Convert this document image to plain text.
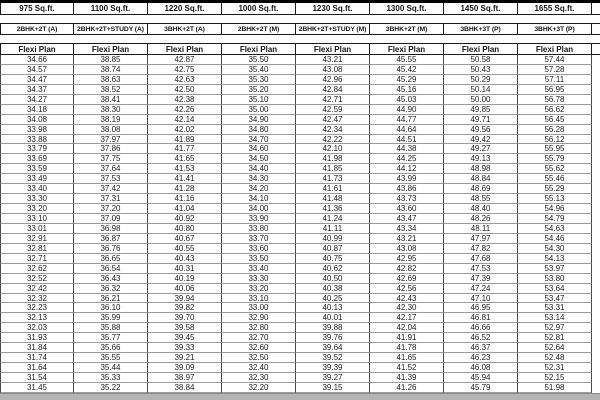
975 Sq.ft.	1100 Sq.ft.	1220 Sq.ft.	1000 Sq.ft.	1230 Sq.ft.	1300 Sq.ft.	1450 Sq.ft.	1655 Sq.ft.
2BHK+2T (A)	2BHK+2T+STUDY (A)	3BHK+2T (A)	2BHK+2T (M)	2BHK+2T+STUDY (M)	3BHK+2T (M)	3BHK+3T (P)	3BHK+3T (P)
Flexi Plan	Flexi Plan	Flexi Plan	Flexi Plan	Flexi Plan	Flexi Plan	Flexi Plan	Flexi Plan
34.66	38.85	42.87	35.50	43.21	45.55	50.58	57.44
34.57	38.74	42.75	35.40	43.08	45.42	50.43	57.28
34.47	38.63	42.63	35.30	42.96	45.29	50.29	57.11
34.37	38.52	42.50	35.20	42.84	45.16	50.14	56.95
34.27	38.41	42.38	35.10	42.71	45.03	50.00	56.78
34.18	38.30	42.26	35.00	42.59	44.90	49.85	56.62
34.08	38.19	42.14	34.90	42.47	44.77	49.71	56.45
33.98	38.08	42.02	34.80	42.34	44.64	49.56	56.28
33.88	37.97	41.89	34.70	42.22	44.51	49.42	56.12
33.79	37.86	41.77	34.60	42.10	44.38	49.27	55.95
33.69	37.75	41.65	34.50	41.98	44.25	49.13	55.79
33.59	37.64	41.53	34.40	41.85	44.12	48.98	55.62
33.49	37.53	41.41	34.30	41.73	43.99	48.84	55.46
33.40	37.42	41.28	34.20	41.61	43.86	48.69	55.29
33.30	37.31	41.16	34.10	41.48	43.73	48.55	55.13
33.20	37.20	41.04	34.00	41.36	43.60	48.40	54.96
33.10	37.09	40.92	33.90	41.24	43.47	48.26	54.79
33.01	36.98	40.80	33.80	41.11	43.34	48.11	54.63
32.91	36.87	40.67	33.70	40.99	43.21	47.97	54.46
32.81	36.76	40.55	33.60	40.87	43.08	47.82	54.30
32.71	36.65	40.43	33.50	40.75	42.95	47.68	54.13
32.62	36.54	40.31	33.40	40.62	42.82	47.53	53.97
32.52	36.43	40.19	33.30	40.50	42.69	47.39	53.80
32.42	36.32	40.06	33.20	40.38	42.56	47.24	53.64
32.32	36.21	39.94	33.10	40.25	42.43	47.10	53.47
32.23	36.10	39.82	33.00	40.13	42.30	46.95	53.31
32.13	35.99	39.70	32.90	40.01	42.17	46.81	53.14
32.03	35.88	39.58	32.80	39.88	42.04	46.66	52.97
31.93	35.77	39.45	32.70	39.76	41.91	46.52	52.81
31.84	35.66	39.33	32.60	39.64	41.78	46.37	52.64
31.74	35.55	39.21	32.50	39.52	41.65	46.23	52.48
31.64	35.44	39.09	32.40	39.39	41.52	46.08	52.31
31.54	35.33	38.97	32.30	39.27	41.39	45.94	52.15
31.45	35.22	38.84	32.20	39.15	41.26	45.79	51.98
